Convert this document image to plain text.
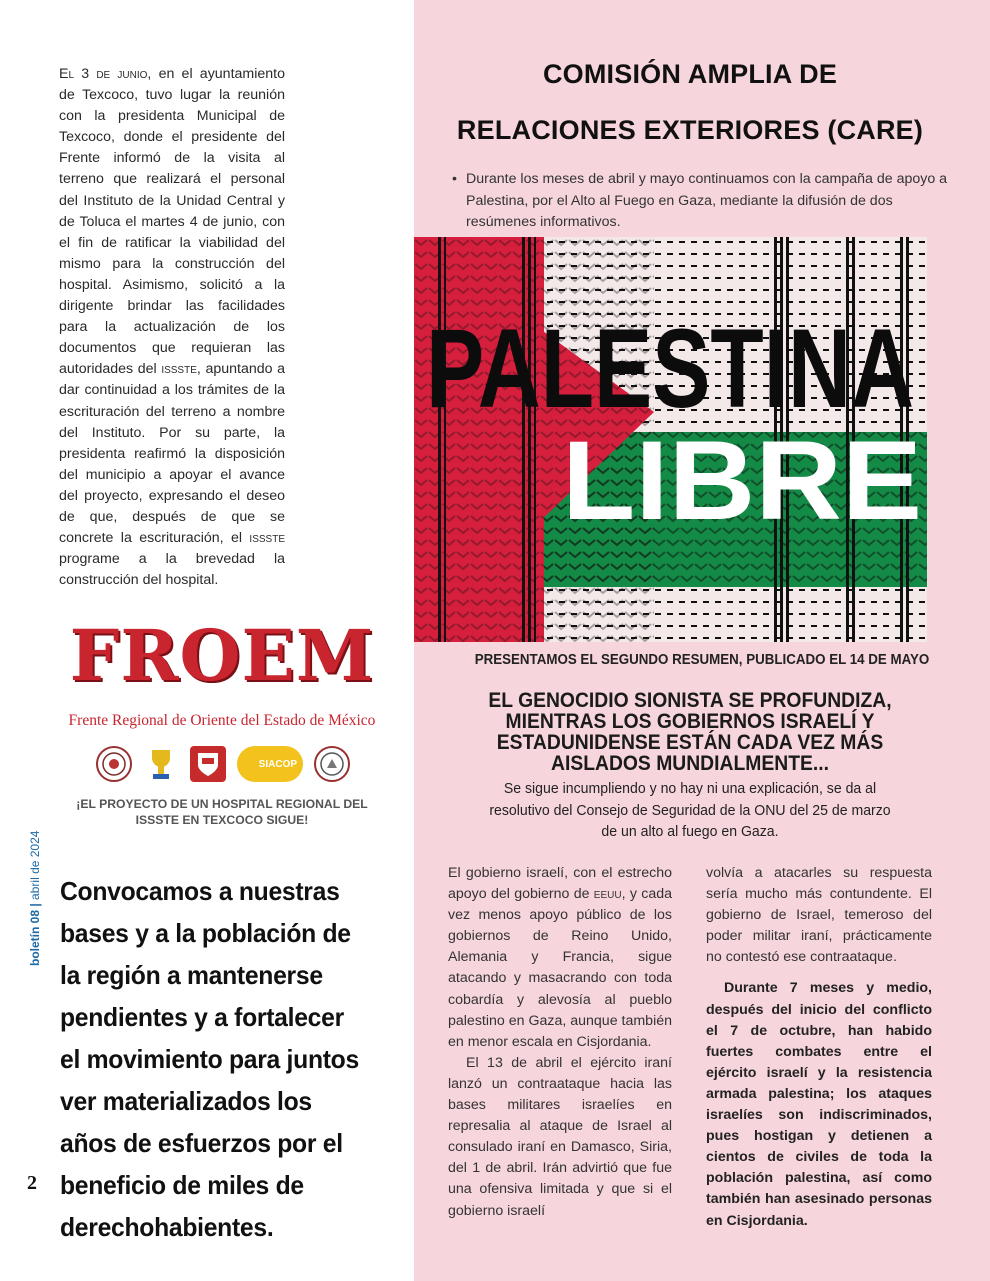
El 3 de junio, en el ayuntamiento de Texcoco, tuvo lugar la reunión con la presidenta Municipal de Texcoco, donde el presidente del Frente informó de la visita al terreno que realizará el personal del Instituto de la Unidad Central y de Toluca el martes 4 de junio, con el fin de ratificar la viabilidad del mismo para la construcción del hospital. Asimismo, solicitó a la dirigente brindar las facilidades para la actualización de los documentos que requieran las autoridades del issste, apuntando a dar continuidad a los trámites de la escrituración del terreno a nombre del Instituto. Por su parte, la presidenta reafirmó la disposición del municipio a apoyar el avance del proyecto, expresando el deseo de que, después de que se concrete la escrituración, el issste programe a la brevedad la construcción del hospital.

FROEM
Frente Regional de Oriente del Estado de México
SIACOP

¡EL PROYECTO DE UN HOSPITAL REGIONAL DEL ISSSTE EN TEXCOCO SIGUE!

boletín 08 | abril de 2024 Convocamos a nuestras bases y a la población de la región a mantenerse pendientes y a fortalecer el movimiento para juntos ver materializados los años de esfuerzos por el beneficio de miles de derechohabientes.

2
COMISIÓN AMPLIA DE
RELACIONES EXTERIORES (CARE)

• Durante los meses de abril y mayo continuamos con la campaña de apoyo a Palestina, por el Alto al Fuego en Gaza, mediante la difusión de dos resúmenes informativos.

PALESTINA
LIBRE

PRESENTAMOS EL SEGUNDO RESUMEN, PUBLICADO EL 14 DE MAYO

EL GENOCIDIO SIONISTA SE PROFUNDIZA, MIENTRAS LOS GOBIERNOS ISRAELÍ Y ESTADUNIDENSE ESTÁN CADA VEZ MÁS AISLADOS MUNDIALMENTE...

Se sigue incumpliendo y no hay ni una explicación, se da al resolutivo del Consejo de Seguridad de la ONU del 25 de marzo de un alto al fuego en Gaza.

El gobierno israelí, con el estrecho apoyo del gobierno de eeuu, y cada vez menos apoyo público de los gobiernos de Reino Unido, Alemania y Francia, sigue atacando y masacrando con toda cobardía y alevosía al pueblo palestino en Gaza, aunque también en menor escala en Cisjordania.

El 13 de abril el ejército iraní lanzó un contraataque hacia las bases militares israelíes en represalia al ataque de Israel al consulado iraní en Damasco, Siria, del 1 de abril. Irán advirtió que fue una ofensiva limitada y que si el gobierno israelí

volvía a atacarles su respuesta sería mucho más contundente. El gobierno de Israel, temeroso del poder militar iraní, prácticamente no contestó ese contraataque.

Durante 7 meses y medio, después del inicio del conflicto el 7 de octubre, han habido fuertes combates entre el ejército israelí y la resistencia armada palestina; los ataques israelíes son indiscriminados, pues hostigan y detienen a cientos de civiles de toda la población palestina, así como también han asesinado personas en Cisjordania.
